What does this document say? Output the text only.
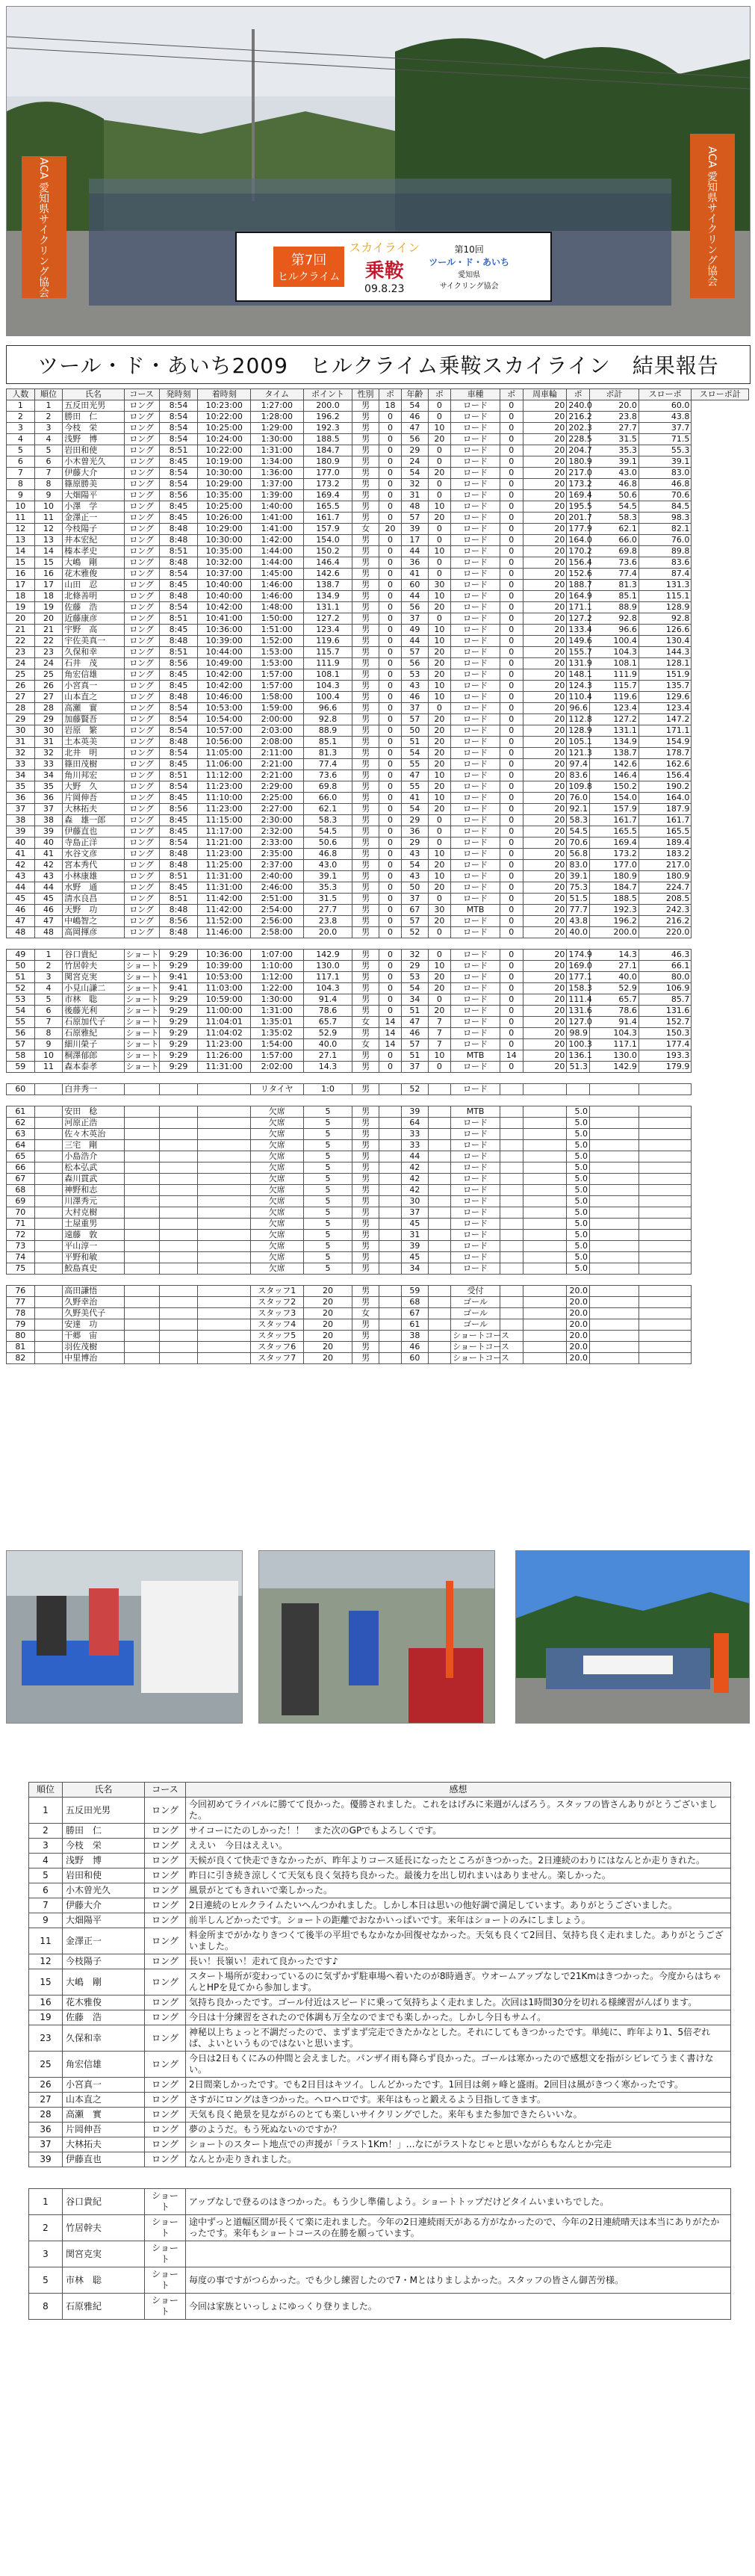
ACA 愛知県サイクリング協会	ACA 愛知県サイクリング協会
第7回
ヒルクライム
スカイライン
乗鞍
09.8.23
第10回
ツール・ド・あいち
愛知県
サイクリング協会
ツール・ド・あいち2009　ヒルクライム乗鞍スカイライン　結果報告
人数	順位	氏名	コース	発時刻	着時刻	タイム	ポイント	性別	ポ	年齢	ポ	車種	ポ	周車輪	ポ	ポ計	スローポ	スローポ計
1	1	五反田光男	ロング	8:54	10:23:00	1:27:00	200.0	男	18	54	0	ロード	0	20	240.0	20.0	60.0	
2	2	勝田　仁	ロング	8:54	10:22:00	1:28:00	196.2	男	0	46	0	ロード	0	20	216.2	23.8	43.8	
3	3	今枝　栄	ロング	8:54	10:25:00	1:29:00	192.3	男	0	47	10	ロード	0	20	202.3	27.7	37.7	
4	4	浅野　博	ロング	8:54	10:24:00	1:30:00	188.5	男	0	56	20	ロード	0	20	228.5	31.5	71.5	
5	5	岩田和使	ロング	8:51	10:22:00	1:31:00	184.7	男	0	29	0	ロード	0	20	204.7	35.3	55.3	
6	6	小木曽光久	ロング	8:45	10:19:00	1:34:00	180.9	男	0	24	0	ロード	0	20	180.9	39.1	39.1	
7	7	伊藤大介	ロング	8:54	10:30:00	1:36:00	177.0	男	0	54	20	ロード	0	20	217.0	43.0	83.0	
8	8	篠原勝美	ロング	8:54	10:29:00	1:37:00	173.2	男	0	32	0	ロード	0	20	173.2	46.8	46.8	
9	9	大畑陽平	ロング	8:56	10:35:00	1:39:00	169.4	男	0	31	0	ロード	0	20	169.4	50.6	70.6	
10	10	小澤　学	ロング	8:45	10:25:00	1:40:00	165.5	男	0	48	10	ロード	0	20	195.5	54.5	84.5	
11	11	金澤正一	ロング	8:45	10:26:00	1:41:00	161.7	男	0	57	20	ロード	0	20	201.7	58.3	98.3	
12	12	今枝陽子	ロング	8:48	10:29:00	1:41:00	157.9	女	20	39	0	ロード	0	20	177.9	62.1	82.1	
13	13	井本宏紀	ロング	8:48	10:30:00	1:42:00	154.0	男	0	17	0	ロード	0	20	164.0	66.0	76.0	
14	14	榛本孝史	ロング	8:51	10:35:00	1:44:00	150.2	男	0	44	10	ロード	0	20	170.2	69.8	89.8	
15	15	大嶋　剛	ロング	8:48	10:32:00	1:44:00	146.4	男	0	36	0	ロード	0	20	156.4	73.6	83.6	
16	16	花木雅俊	ロング	8:54	10:37:00	1:45:00	142.6	男	0	41	0	ロード	0	20	152.6	77.4	87.4	
17	17	山田　忍	ロング	8:45	10:40:00	1:46:00	138.7	男	0	60	30	ロード	0	20	188.7	81.3	131.3	
18	18	北條善明	ロング	8:48	10:40:00	1:46:00	134.9	男	0	44	10	ロード	0	20	164.9	85.1	115.1	
19	19	佐藤　浩	ロング	8:54	10:42:00	1:48:00	131.1	男	0	56	20	ロード	0	20	171.1	88.9	128.9	
20	20	近藤康彦	ロング	8:51	10:41:00	1:50:00	127.2	男	0	37	0	ロード	0	20	127.2	92.8	92.8	
21	21	宇野　高	ロング	8:45	10:36:00	1:51:00	123.4	男	0	49	10	ロード	0	20	133.4	96.6	126.6	
22	22	宇佐美真一	ロング	8:48	10:39:00	1:52:00	119.6	男	0	44	10	ロード	0	20	149.6	100.4	130.4	
23	23	久保和幸	ロング	8:51	10:44:00	1:53:00	115.7	男	0	57	20	ロード	0	20	155.7	104.3	144.3	
24	24	石井　茂	ロング	8:56	10:49:00	1:53:00	111.9	男	0	56	20	ロード	0	20	131.9	108.1	128.1	
25	25	角宏信雄	ロング	8:45	10:42:00	1:57:00	108.1	男	0	53	20	ロード	0	20	148.1	111.9	151.9	
26	26	小宮真一	ロング	8:45	10:42:00	1:57:00	104.3	男	0	43	10	ロード	0	20	124.3	115.7	135.7	
27	27	山本直之	ロング	8:48	10:46:00	1:58:00	100.4	男	0	46	10	ロード	0	20	110.4	119.6	129.6	
28	28	高瀬　實	ロング	8:54	10:53:00	1:59:00	96.6	男	0	37	0	ロード	0	20	96.6	123.4	123.4	
29	29	加藤賢吾	ロング	8:54	10:54:00	2:00:00	92.8	男	0	57	20	ロード	0	20	112.8	127.2	147.2	
30	30	岩原　繁	ロング	8:54	10:57:00	2:03:00	88.9	男	0	50	20	ロード	0	20	128.9	131.1	171.1	
31	31	土本英美	ロング	8:48	10:56:00	2:08:00	85.1	男	0	51	20	ロード	0	20	105.1	134.9	154.9	
32	32	北井　明	ロング	8:54	11:05:00	2:11:00	81.3	男	0	54	20	ロード	0	20	121.3	138.7	178.7	
33	33	篠田茂樹	ロング	8:45	11:06:00	2:21:00	77.4	男	0	55	20	ロード	0	20	97.4	142.6	162.6	
34	34	角川邦宏	ロング	8:51	11:12:00	2:21:00	73.6	男	0	47	10	ロード	0	20	83.6	146.4	156.4	
35	35	大野　久	ロング	8:54	11:23:00	2:29:00	69.8	男	0	55	20	ロード	0	20	109.8	150.2	190.2	
36	36	片岡伸吾	ロング	8:45	11:10:00	2:25:00	66.0	男	0	41	10	ロード	0	20	76.0	154.0	164.0	
37	37	大林拓夫	ロング	8:56	11:23:00	2:27:00	62.1	男	0	54	20	ロード	0	20	92.1	157.9	187.9	
38	38	森　雄一郎	ロング	8:45	11:15:00	2:30:00	58.3	男	0	29	0	ロード	0	20	58.3	161.7	161.7	
39	39	伊藤直也	ロング	8:45	11:17:00	2:32:00	54.5	男	0	36	0	ロード	0	20	54.5	165.5	165.5	
40	40	寺島正洋	ロング	8:54	11:21:00	2:33:00	50.6	男	0	29	0	ロード	0	20	70.6	169.4	189.4	
41	41	水谷文彦	ロング	8:48	11:23:00	2:35:00	46.8	男	0	43	10	ロード	0	20	56.8	173.2	183.2	
42	42	宮本秀代	ロング	8:48	11:25:00	2:37:00	43.0	男	0	54	20	ロード	0	20	83.0	177.0	217.0	
43	43	小林康雄	ロング	8:51	11:31:00	2:40:00	39.1	男	0	43	10	ロード	0	20	39.1	180.9	180.9	
44	44	水野　通	ロング	8:45	11:31:00	2:46:00	35.3	男	0	50	20	ロード	0	20	75.3	184.7	224.7	
45	45	清水良昌	ロング	8:51	11:42:00	2:51:00	31.5	男	0	37	0	ロード	0	20	51.5	188.5	208.5	
46	46	天野　功	ロング	8:48	11:42:00	2:54:00	27.7	男	0	67	30	MTB	0	20	77.7	192.3	242.3	
47	47	中嶋智之	ロング	8:56	11:52:00	2:56:00	23.8	男	0	57	20	ロード	0	20	43.8	196.2	216.2	
48	48	高岡揮彦	ロング	8:48	11:46:00	2:58:00	20.0	男	0	52	0	ロード	0	20	40.0	200.0	220.0	

49	1	谷口貴紀	ショート	9:29	10:36:00	1:07:00	142.9	男	0	32	0	ロード	0	20	174.9	14.3	46.3	
50	2	竹居幹夫	ショート	9:29	10:39:00	1:10:00	130.0	男	0	29	10	ロード	0	20	169.0	27.1	66.1	
51	3	関宮克実	ショート	9:41	10:53:00	1:12:00	117.1	男	0	53	20	ロード	0	20	177.1	40.0	80.0	
52	4	小見山謙二	ショート	9:41	11:03:00	1:22:00	104.3	男	0	54	20	ロード	0	20	158.3	52.9	106.9	
53	5	市林　聡	ショート	9:29	10:59:00	1:30:00	91.4	男	0	34	0	ロード	0	20	111.4	65.7	85.7	
54	6	後藤光利	ショート	9:29	11:00:00	1:31:00	78.6	男	0	51	20	ロード	0	20	131.6	78.6	131.6	
55	7	石原加代子	ショート	9:29	11:04:01	1:35:01	65.7	女	14	47	7	ロード	0	20	127.0	91.4	152.7	
56	8	石原雅紀	ショート	9:29	11:04:02	1:35:02	52.9	男	14	46	7	ロード	0	20	98.9	104.3	150.3	
57	9	細川榮子	ショート	9:29	11:23:00	1:54:00	40.0	女	14	57	7	ロード	0	20	100.3	117.1	177.4	
58	10	桐澤郁郎	ショート	9:29	11:26:00	1:57:00	27.1	男	0	51	10	MTB	14	20	136.1	130.0	193.3	
59	11	森本泰孝	ショート	9:29	11:31:00	2:02:00	14.3	男	0	37	0	ロード	0	20	51.3	142.9	179.9	

60		白井秀一				リタイヤ	1:0	男		52		ロード						

61		安田　稔				欠席	5	男		39		MTB			5.0			
62		河原正浩				欠席	5	男		64		ロード			5.0			
63		佐々木英治				欠席	5	男		33		ロード			5.0			
64		三宅　剛				欠席	5	男		33		ロード			5.0			
65		小島浩介				欠席	5	男		44		ロード			5.0			
66		松本弘武				欠席	5	男		42		ロード			5.0			
67		森川貫武				欠席	5	男		42		ロード			5.0			
68		神野和志				欠席	5	男		42		ロード			5.0			
69		川澤秀元				欠席	5	男		30		ロード			5.0			
70		大村克樹				欠席	5	男		37		ロード			5.0			
71		土屋重男				欠席	5	男		45		ロード			5.0			
72		遠藤　敦				欠席	5	男		31		ロード			5.0			
73		平山淳一				欠席	5	男		39		ロード			5.0			
74		平野和敏				欠席	5	男		45		ロード			5.0			
75		鮫島真史				欠席	5	男		34		ロード			5.0			

76		高田謙悟				スタッフ1	20	男		59		受付			20.0			
77		久野幸治				スタッフ2	20	男		68		ゴール			20.0			
78		久野美代子				スタッフ3	20	女		67		ゴール			20.0			
79		安達　功				スタッフ4	20	男		61		ゴール			20.0			
80		干郷　宙				スタッフ5	20	男		38		ショートコース			20.0			
81		羽佐茂樹				スタッフ6	20	男		46		ショートコース			20.0			
82		中里博治				スタッフ7	20	男		60		ショートコース			20.0			
順位	氏名	コース	感想
1	五反田光男	ロング	今回初めてライバルに勝てて良かった。優勝されました。これをはげみに来週がんばろう。スタッフの皆さんありがとうございました。
2	勝田　仁	ロング	サイコーにたのしかった！！　また次のGPでもよろしくです。
3	今枝　栄	ロング	ええい　今日はええい。
4	浅野　博	ロング	天候が良くて快走できなかったが、昨年よりコース延長になったところがきつかった。2日連続のわりにはなんとか走りきれた。
5	岩田和使	ロング	昨日に引き続き涼しくて天気も良く気持ち良かった。最後力を出し切れまいはありません。楽しかった。
6	小木曽光久	ロング	風景がとてもきれいで楽しかった。
7	伊藤大介	ロング	2日連続のヒルクライムたいへんつかれました。しかし本日は思いの他好調で満足しています。ありがとうございました。
9	大畑陽平	ロング	前半しんどかったです。ショートの距離でおなかいっぱいです。来年はショートのみにしましょう。
11	金澤正一	ロング	料金所までがかなりきつくて後半の平坦でもなかなか回復せなかった。天気も良くて2回目、気持ち良く走れました。ありがとうございました。
12	今枝陽子	ロング	長い！長嶺い！走れて良かったです♪
15	大嶋　剛	ロング	スタート場所が変わっているのに気ずかず駐車場へ着いたのが8時過ぎ。ウオームアップなしで21Kmはきつかった。今度からはちゃんとHPを見てから参加します。
16	花木雅俊	ロング	気持ち良かったです。ゴール付近はスピードに乗って気持ちよく走れました。次回は1時間30分を切れる様練習がんばります。
19	佐藤　浩	ロング	今日は十分練習をされたので体調も万全なのでまでも楽しかった。しかし今日もサムイ。
23	久保和幸	ロング	神秘以上ちょっと不調だったので、まずまず完走できたかなとした。それにしてもきつかったです。単純に、昨年より1、5倍ぞれぱ、よいというものではないと思います。
25	角宏信雄	ロング	今日は2日もくにみの仲間と会えました。パンザイ雨も降らず良かった。ゴールは寒かったので感想文を指がシビレてうまく書けない。
26	小宮真一	ロング	2日間楽しかったです。でも2日目はキツイ。しんどかったです。1回目は剣ヶ峰と盛雨。2回目は風がきつく寒かったです。
27	山本直之	ロング	さすがにロングはきつかった。ヘロヘロです。来年はもっと鍛えるよう目指してきます。
28	高瀬　實	ロング	天気も良く絶景を見ながらのとても楽しいサイクリングでした。来年もまた参加できたらいいな。
36	片岡伸吾	ロング	夢のようだ。もう死ぬないのですか？
37	大林拓夫	ロング	ショートのスタート地点での声援が「ラスト1Km！」…なにがラストなじゃと思いながらもなんとか完走
39	伊藤直也	ロング	なんとか走りきれました。

1	谷口貴紀	ショート	アップなしで登るのはきつかった。もう少し準備しよう。ショートトップだけどタイムいまいちでした。
2	竹居幹夫	ショート	途中ずっと道幅区間が長くて楽に走れました。今年の2日連続雨天がある方がなかったので、今年の2日連続晴天は本当にありがたかったです。来年もショートコースの在勝を願っています。
3	関宮克実	ショート	
5	市林　聡	ショート	毎度の事ですがつらかった。でも少し練習したので7・Mとはりましよかった。スタッフの皆さん御苦労様。
8	石原雅紀	ショート	今回は家族といっしょにゆっくり登りました。
